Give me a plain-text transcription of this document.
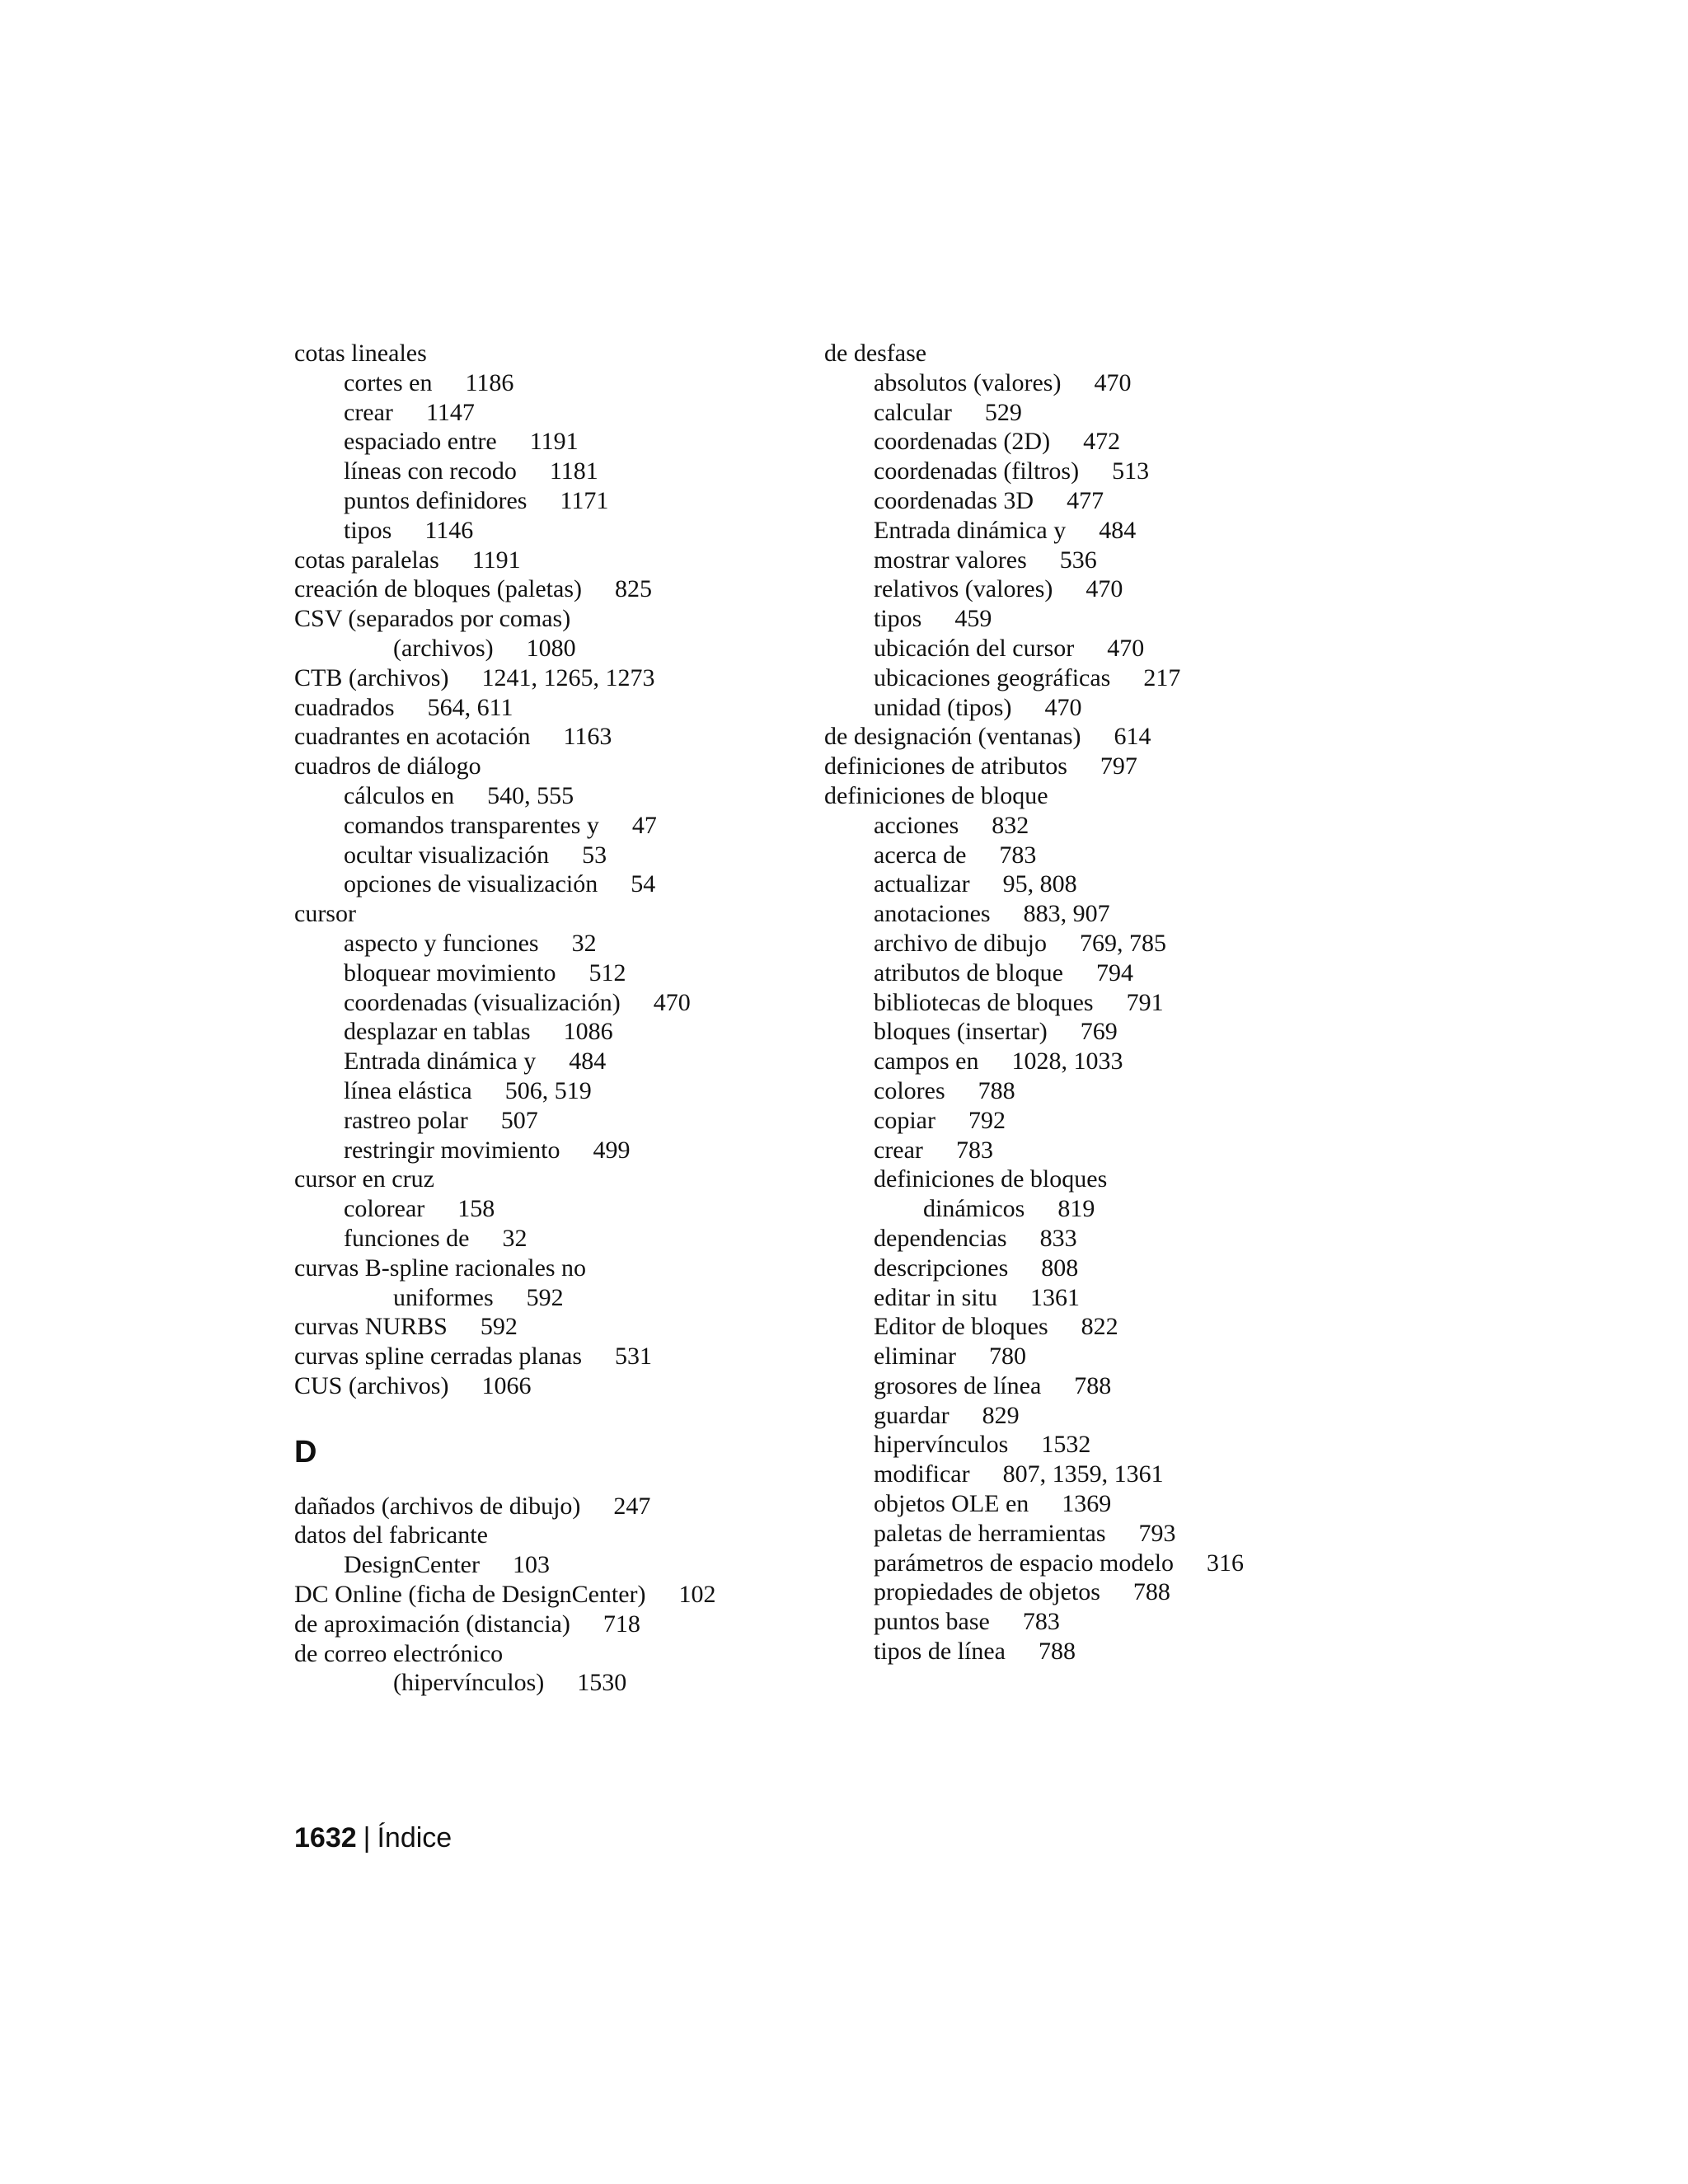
cotas lineales
cortes en 1186
crear 1147
espaciado entre 1191
líneas con recodo 1181
puntos definidores 1171
tipos 1146
cotas paralelas 1191
creación de bloques (paletas) 825
CSV (separados por comas)
(archivos) 1080
CTB (archivos) 1241, 1265, 1273
cuadrados 564, 611
cuadrantes en acotación 1163
cuadros de diálogo
cálculos en 540, 555
comandos transparentes y 47
ocultar visualización 53
opciones de visualización 54
cursor
aspecto y funciones 32
bloquear movimiento 512
coordenadas (visualización) 470
desplazar en tablas 1086
Entrada dinámica y 484
línea elástica 506, 519
rastreo polar 507
restringir movimiento 499
cursor en cruz
colorear 158
funciones de 32
curvas B-spline racionales no
uniformes 592
curvas NURBS 592
curvas spline cerradas planas 531
CUS (archivos) 1066
D
dañados (archivos de dibujo) 247
datos del fabricante
DesignCenter 103
DC Online (ficha de DesignCenter) 102
de aproximación (distancia) 718
de correo electrónico
(hipervínculos) 1530
de desfase
absolutos (valores) 470
calcular 529
coordenadas (2D) 472
coordenadas (filtros) 513
coordenadas 3D 477
Entrada dinámica y 484
mostrar valores 536
relativos (valores) 470
tipos 459
ubicación del cursor 470
ubicaciones geográficas 217
unidad (tipos) 470
de designación (ventanas) 614
definiciones de atributos 797
definiciones de bloque
acciones 832
acerca de 783
actualizar 95, 808
anotaciones 883, 907
archivo de dibujo 769, 785
atributos de bloque 794
bibliotecas de bloques 791
bloques (insertar) 769
campos en 1028, 1033
colores 788
copiar 792
crear 783
definiciones de bloques
dinámicos 819
dependencias 833
descripciones 808
editar in situ 1361
Editor de bloques 822
eliminar 780
grosores de línea 788
guardar 829
hipervínculos 1532
modificar 807, 1359, 1361
objetos OLE en 1369
paletas de herramientas 793
parámetros de espacio modelo 316
propiedades de objetos 788
puntos base 783
tipos de línea 788
1632 | Índice
